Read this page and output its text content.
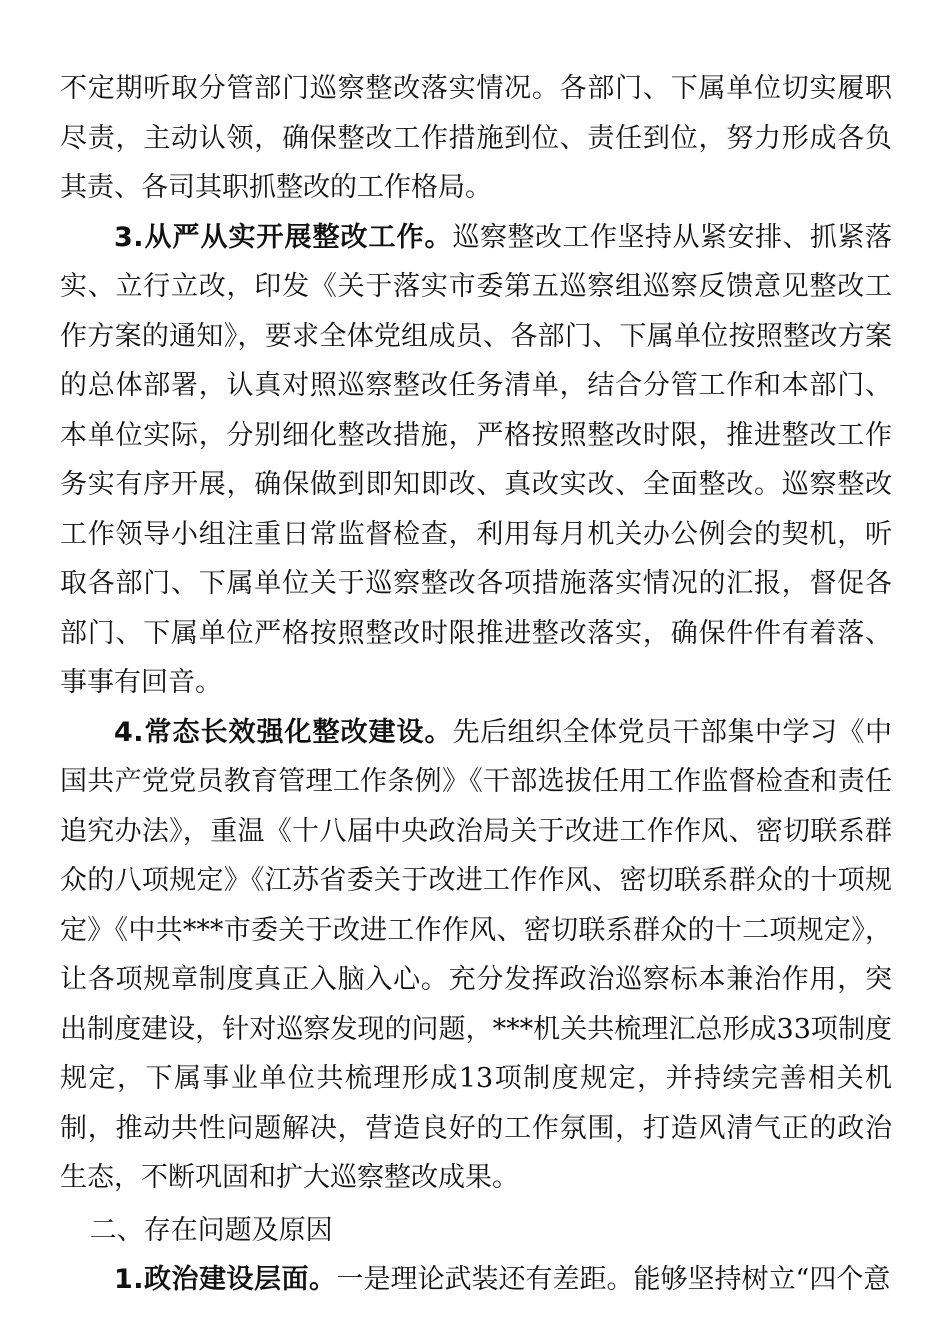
不定期听取分管部门巡察整改落实情况。各部门、下属单位切实履职尽责，主动认领，确保整改工作措施到位、责任到位，努力形成各负其责、各司其职抓整改的工作格局。

3.从严从实开展整改工作。巡察整改工作坚持从紧安排、抓紧落实、立行立改，印发《关于落实市委第五巡察组巡察反馈意见整改工作方案的通知》，要求全体党组成员、各部门、下属单位按照整改方案的总体部署，认真对照巡察整改任务清单，结合分管工作和本部门、本单位实际，分别细化整改措施，严格按照整改时限，推进整改工作务实有序开展，确保做到即知即改、真改实改、全面整改。巡察整改工作领导小组注重日常监督检查，利用每月机关办公例会的契机，听取各部门、下属单位关于巡察整改各项措施落实情况的汇报，督促各部门、下属单位严格按照整改时限推进整改落实，确保件件有着落、事事有回音。

4.常态长效强化整改建设。先后组织全体党员干部集中学习《中国共产党党员教育管理工作条例》《干部选拔任用工作监督检查和责任追究办法》，重温《十八届中央政治局关于改进工作作风、密切联系群众的八项规定》《江苏省委关于改进工作作风、密切联系群众的十项规定》《中共***市委关于改进工作作风、密切联系群众的十二项规定》，让各项规章制度真正入脑入心。充分发挥政治巡察标本兼治作用，突出制度建设，针对巡察发现的问题，***机关共梳理汇总形成33项制度规定，下属事业单位共梳理形成13项制度规定，并持续完善相关机制，推动共性问题解决，营造良好的工作氛围，打造风清气正的政治生态，不断巩固和扩大巡察整改成果。

二、存在问题及原因

1.政治建设层面。一是理论武装还有差距。能够坚持树立“四个意
